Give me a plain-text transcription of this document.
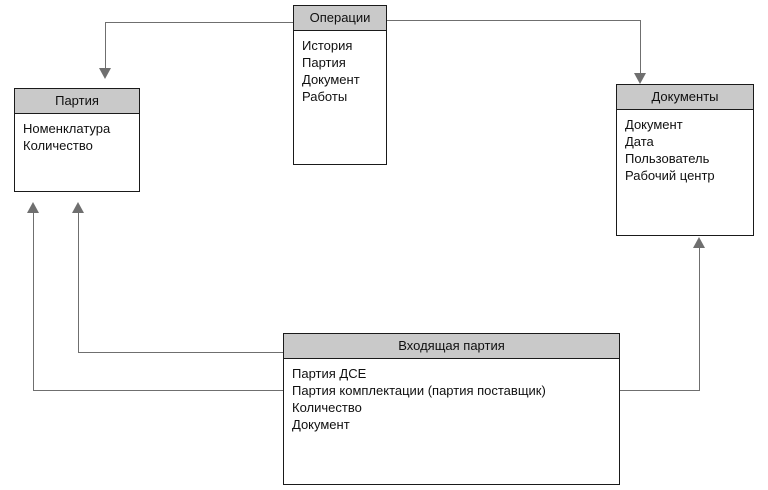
Операции
История
Партия
Документ
Работы
Партия
Номенклатура
Количество
Документы
Документ
Дата
Пользователь
Рабочий центр
Входящая партия
Партия ДСЕ
Партия комплектации (партия поставщик)
Количество
Документ
